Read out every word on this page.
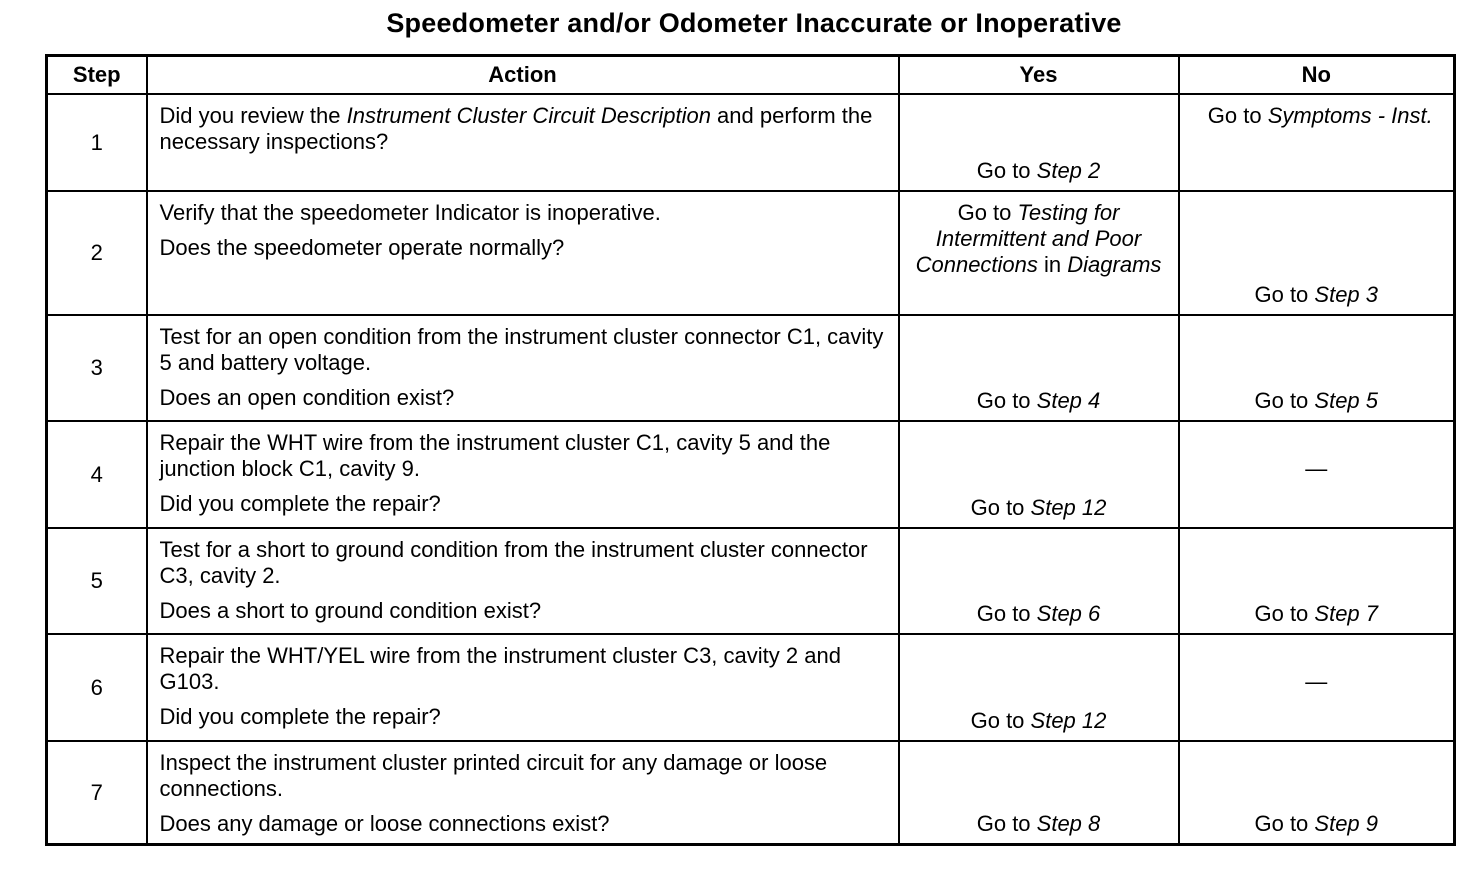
Speedometer and/or Odometer Inaccurate or Inoperative
Step	Action	Yes	No
1	Did you review the Instrument Cluster Circuit Description and perform the necessary inspections?	Go to Step 2	Go to Symptoms - Inst.
2	Verify that the speedometer Indicator is inoperative.

Does the speedometer operate normally?	Go to Testing for Intermittent and Poor Connections in Diagrams	Go to Step 3
3	Test for an open condition from the instrument cluster connector C1, cavity 5 and battery voltage.

Does an open condition exist?	Go to Step 4	Go to Step 5
4	Repair the WHT wire from the instrument cluster C1, cavity 5 and the junction block C1, cavity 9.

Did you complete the repair?	Go to Step 12	—
5	Test for a short to ground condition from the instrument cluster connector C3, cavity 2.

Does a short to ground condition exist?	Go to Step 6	Go to Step 7
6	Repair the WHT/YEL wire from the instrument cluster C3, cavity 2 and G103.

Did you complete the repair?	Go to Step 12	—
7	Inspect the instrument cluster printed circuit for any damage or loose connections.

Does any damage or loose connections exist?	Go to Step 8	Go to Step 9
